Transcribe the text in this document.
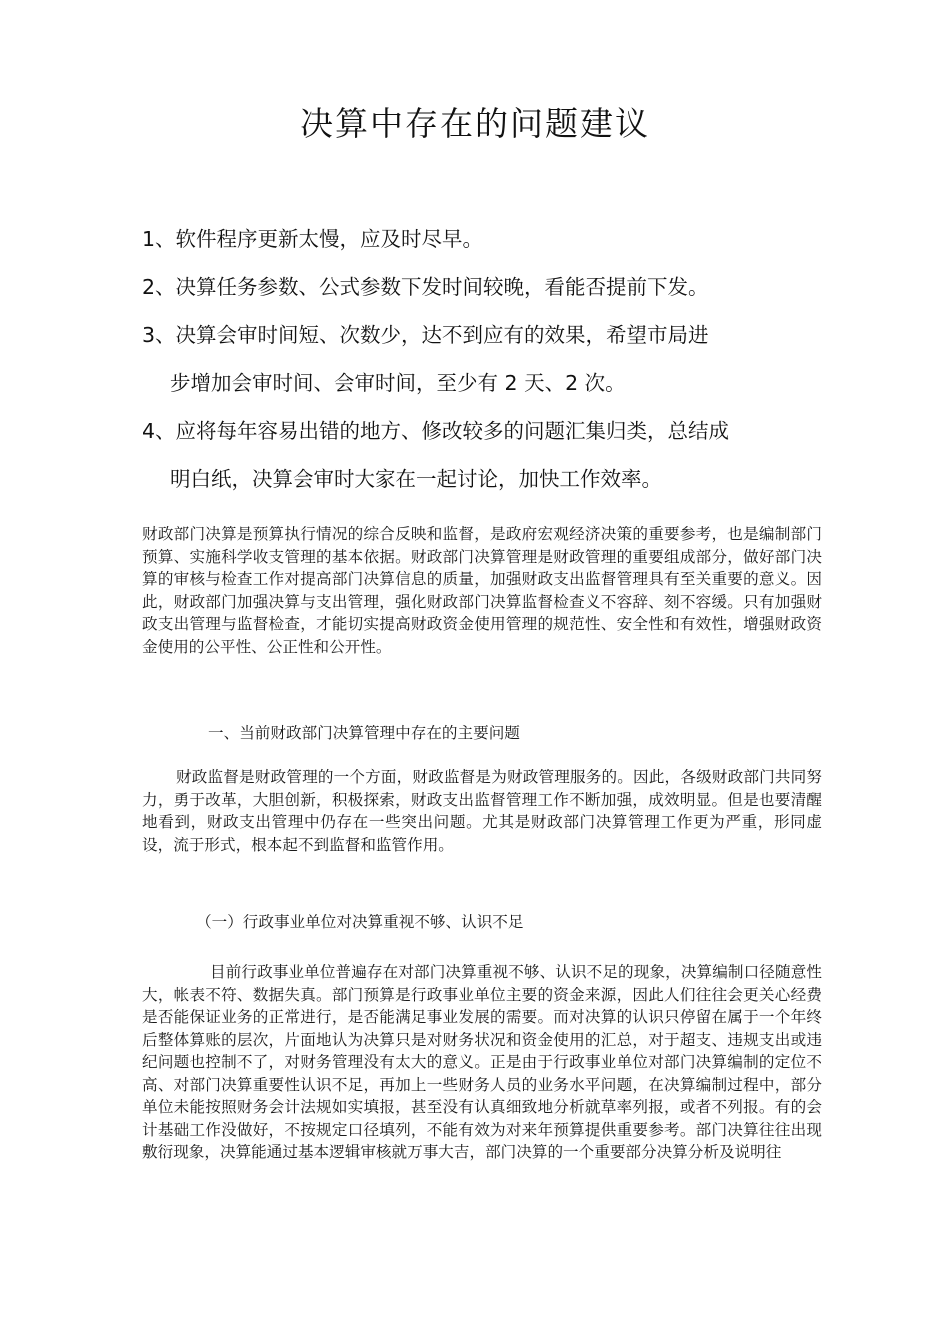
决算中存在的问题建议
1、软件程序更新太慢，应及时尽早。
2、决算任务参数、公式参数下发时间较晚，看能否提前下发。
3、决算会审时间短、次数少，达不到应有的效果，希望市局进
步增加会审时间、会审时间，至少有 2 天、2 次。
4、应将每年容易出错的地方、修改较多的问题汇集归类，总结成
明白纸，决算会审时大家在一起讨论，加快工作效率。
财政部门决算是预算执行情况的综合反映和监督，是政府宏观经济决策的重要参考，也是编制部门预算、实施科学收支管理的基本依据。财政部门决算管理是财政管理的重要组成部分，做好部门决算的审核与检查工作对提高部门决算信息的质量，加强财政支出监督管理具有至关重要的意义。因此，财政部门加强决算与支出管理，强化财政部门决算监督检查义不容辞、刻不容缓。只有加强财政支出管理与监督检查，才能切实提高财政资金使用管理的规范性、安全性和有效性，增强财政资金使用的公平性、公正性和公开性。
一、当前财政部门决算管理中存在的主要问题
财政监督是财政管理的一个方面，财政监督是为财政管理服务的。因此，各级财政部门共同努力，勇于改革，大胆创新，积极探索，财政支出监督管理工作不断加强，成效明显。但是也要清醒地看到，财政支出管理中仍存在一些突出问题。尤其是财政部门决算管理工作更为严重，形同虚设，流于形式，根本起不到监督和监管作用。
（一）行政事业单位对决算重视不够、认识不足
目前行政事业单位普遍存在对部门决算重视不够、认识不足的现象，决算编制口径随意性大，帐表不符、数据失真。部门预算是行政事业单位主要的资金来源，因此人们往往会更关心经费是否能保证业务的正常进行，是否能满足事业发展的需要。而对决算的认识只停留在属于一个年终后整体算账的层次，片面地认为决算只是对财务状况和资金使用的汇总，对于超支、违规支出或违纪问题也控制不了，对财务管理没有太大的意义。正是由于行政事业单位对部门决算编制的定位不高、对部门决算重要性认识不足，再加上一些财务人员的业务水平问题，在决算编制过程中，部分单位未能按照财务会计法规如实填报，甚至没有认真细致地分析就草率列报，或者不列报。有的会计基础工作没做好，不按规定口径填列，不能有效为对来年预算提供重要参考。部门决算往往出现敷衍现象，决算能通过基本逻辑审核就万事大吉，部门决算的一个重要部分决算分析及说明往
